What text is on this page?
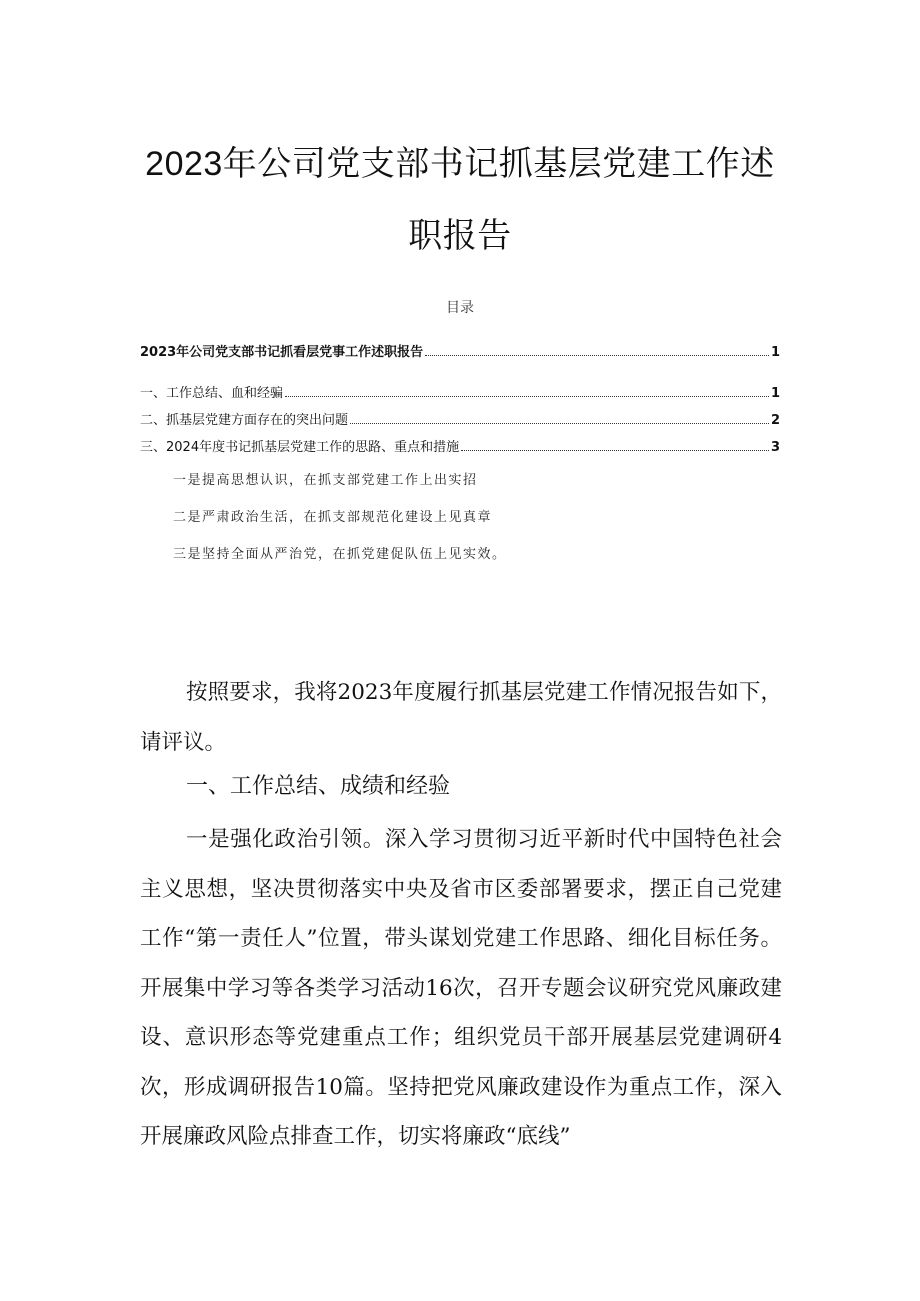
2023年公司党支部书记抓基层党建工作述
职报告
目录
2023年公司党支部书记抓看层党事工作述职报告	1
一、工作总结、血和经骗	1
二、抓基层党建方面存在的突出问题	2
三、2024年度书记抓基层党建工作的思路、重点和措施	3
一是提高思想认识，在抓支部党建工作上出实招
二是严肃政治生活，在抓支部规范化建设上见真章
三是坚持全面从严治党，在抓党建促队伍上见实效。
按照要求，我将2023年度履行抓基层党建工作情况报告如下，请评议。
一、工作总结、成绩和经验
一是强化政治引领。深入学习贯彻习近平新时代中国特色社会主义思想，坚决贯彻落实中央及省市区委部署要求，摆正自己党建工作“第一责任人”位置，带头谋划党建工作思路、细化目标任务。开展集中学习等各类学习活动16次，召开专题会议研究党风廉政建设、意识形态等党建重点工作；组织党员干部开展基层党建调研4次，形成调研报告10篇。坚持把党风廉政建设作为重点工作，深入开展廉政风险点排查工作，切实将廉政“底线”
